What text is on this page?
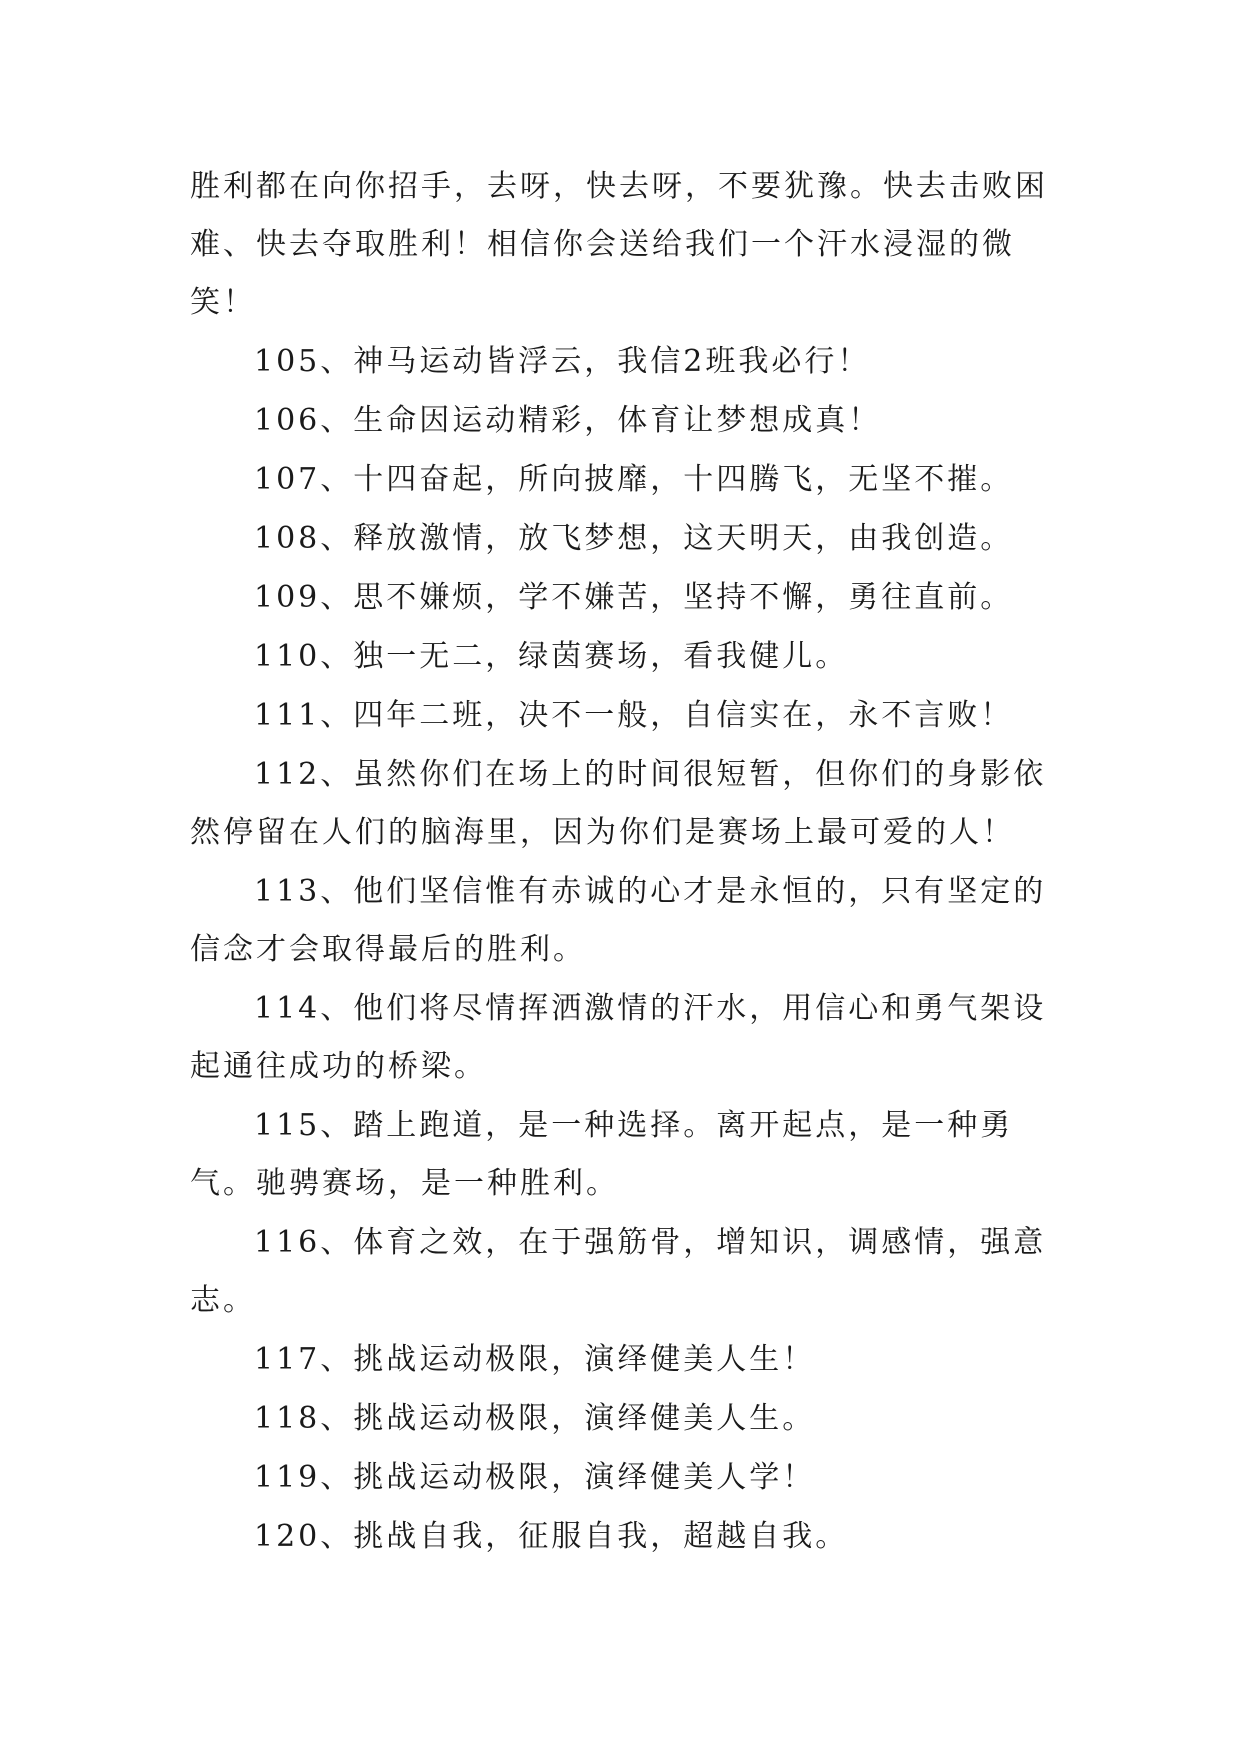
胜利都在向你招手，去呀，快去呀，不要犹豫。快去击败困难、快去夺取胜利！相信你会送给我们一个汗水浸湿的微笑！

105、神马运动皆浮云，我信2班我必行！

106、生命因运动精彩，体育让梦想成真！

107、十四奋起，所向披靡，十四腾飞，无坚不摧。

108、释放激情，放飞梦想，这天明天，由我创造。

109、思不嫌烦，学不嫌苦，坚持不懈，勇往直前。

110、独一无二，绿茵赛场，看我健儿。

111、四年二班，决不一般，自信实在，永不言败！

112、虽然你们在场上的时间很短暂，但你们的身影依然停留在人们的脑海里，因为你们是赛场上最可爱的人！

113、他们坚信惟有赤诚的心才是永恒的，只有坚定的信念才会取得最后的胜利。

114、他们将尽情挥洒激情的汗水，用信心和勇气架设起通往成功的桥梁。

115、踏上跑道，是一种选择。离开起点，是一种勇气。驰骋赛场，是一种胜利。

116、体育之效，在于强筋骨，增知识，调感情，强意志。

117、挑战运动极限，演绎健美人生！

118、挑战运动极限，演绎健美人生。

119、挑战运动极限，演绎健美人学！

120、挑战自我，征服自我，超越自我。
